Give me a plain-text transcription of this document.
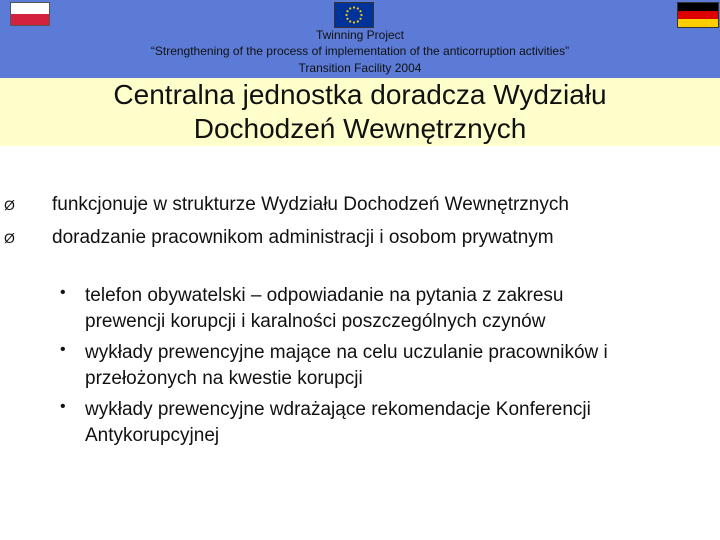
Twinning Project
“Strengthening of the process of implementation of the anticorruption activities”
Transition Facility 2004
Centralna jednostka doradcza Wydziału
Dochodzeń Wewnętrznych
Ø funkcjonuje w strukturze Wydziału Dochodzeń Wewnętrznych
Ø doradzanie pracownikom administracji i osobom prywatnym
• telefon obywatelski – odpowiadanie na pytania z zakresu
prewencji korupcji i karalności poszczególnych czynów
• wykłady prewencyjne mające na celu uczulanie pracowników i
przełożonych na kwestie korupcji
• wykłady prewencyjne wdrażające rekomendacje Konferencji
Antykorupcyjnej
